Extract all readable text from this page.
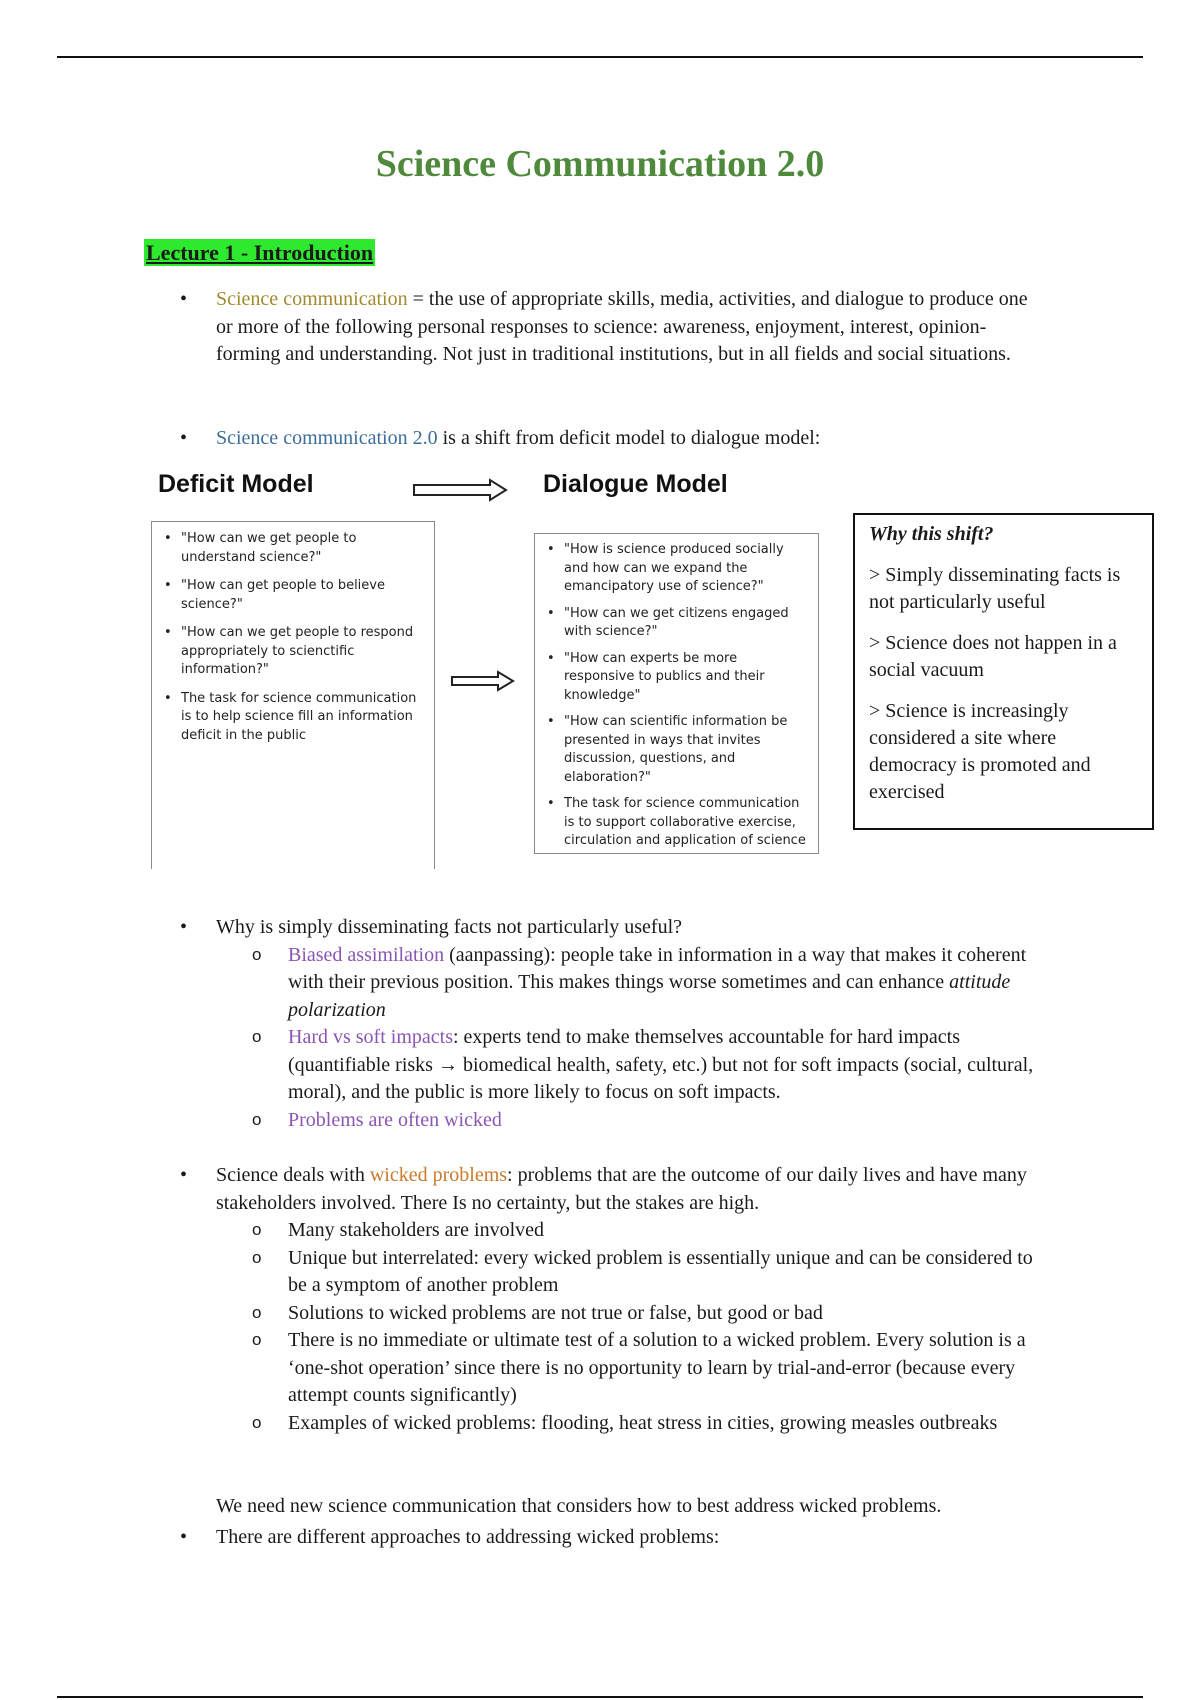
Science Communication 2.0
Lecture 1 - Introduction
• Science communication = the use of appropriate skills, media, activities, and dialogue to produce one or more of the following personal responses to science: awareness, enjoyment, interest, opinion-forming and understanding. Not just in traditional institutions, but in all fields and social situations.
• Science communication 2.0 is a shift from deficit model to dialogue model:
Deficit Model	Dialogue Model
• "How can we get people to understand science?"
• "How can get people to believe science?"
• "How can we get people to respond appropriately to scienctific information?"
• The task for science communication is to help science fill an information deficit in the public
• "How is science produced socially and how can we expand the emancipatory use of science?"
• "How can we get citizens engaged with science?"
• "How can experts be more responsive to publics and their knowledge"
• "How can scientific information be presented in ways that invites discussion, questions, and elaboration?"
• The task for science communication is to support collaborative exercise, circulation and application of science
Why this shift?

> Simply disseminating facts is not particularly useful

> Science does not happen in a social vacuum

> Science is increasingly considered a site where democracy is promoted and exercised

• Why is simply disseminating facts not particularly useful?
o Biased assimilation (aanpassing): people take in information in a way that makes it coherent with their previous position. This makes things worse sometimes and can enhance attitude polarization
o Hard vs soft impacts: experts tend to make themselves accountable for hard impacts (quantifiable risks → biomedical health, safety, etc.) but not for soft impacts (social, cultural, moral), and the public is more likely to focus on soft impacts.
o Problems are often wicked
• Science deals with wicked problems: problems that are the outcome of our daily lives and have many stakeholders involved. There Is no certainty, but the stakes are high.
o Many stakeholders are involved
o Unique but interrelated: every wicked problem is essentially unique and can be considered to be a symptom of another problem
o Solutions to wicked problems are not true or false, but good or bad
o There is no immediate or ultimate test of a solution to a wicked problem. Every solution is a ‘one-shot operation’ since there is no opportunity to learn by trial-and-error (because every attempt counts significantly)
o Examples of wicked problems: flooding, heat stress in cities, growing measles outbreaks
We need new science communication that considers how to best address wicked problems.
• There are different approaches to addressing wicked problems:
